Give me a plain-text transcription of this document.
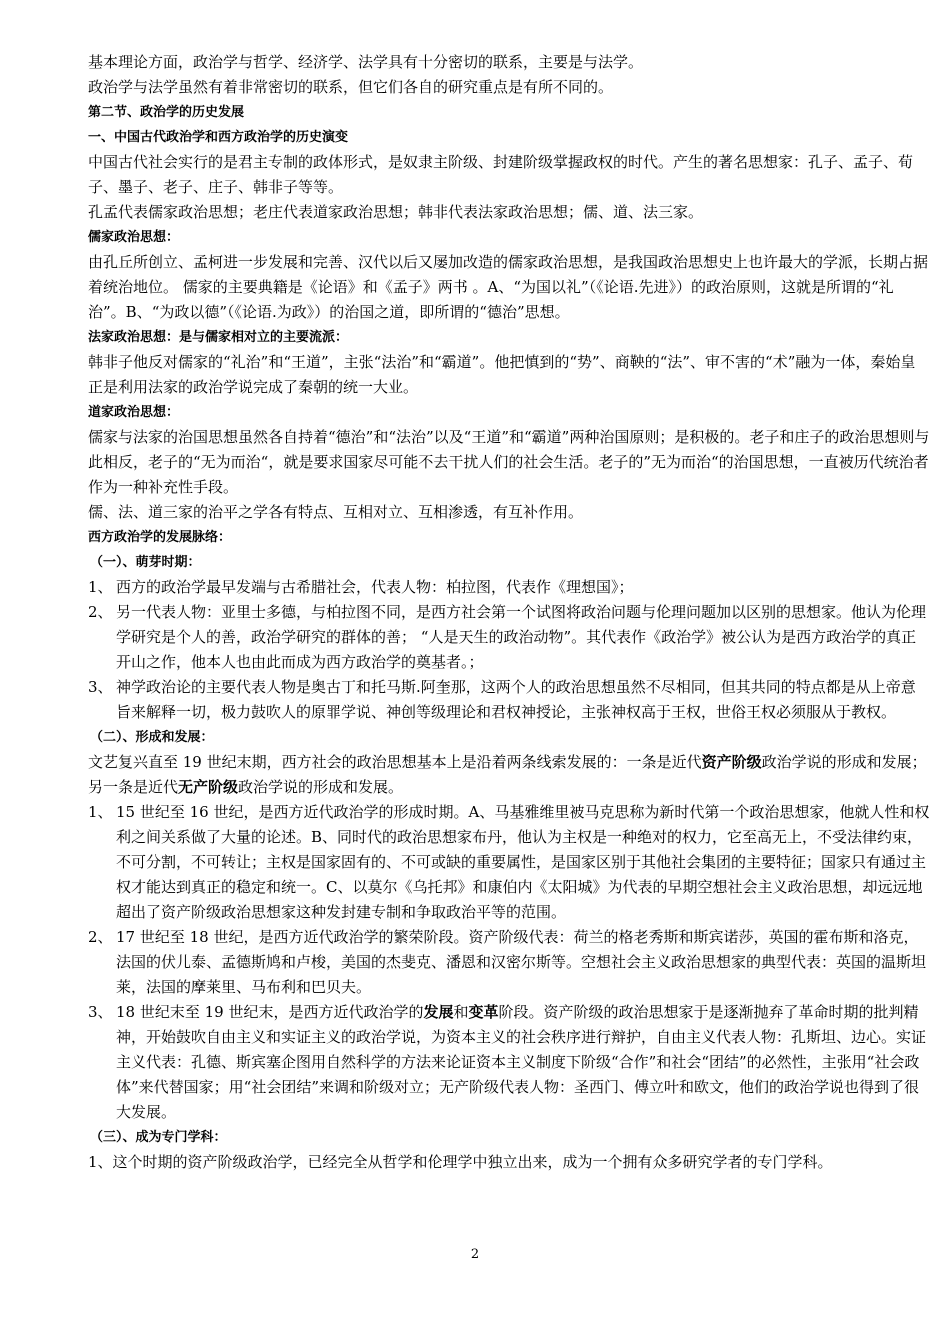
基本理论方面，政治学与哲学、经济学、法学具有十分密切的联系，主要是与法学。

政治学与法学虽然有着非常密切的联系，但它们各自的研究重点是有所不同的。

第二节、政治学的历史发展

一、中国古代政治学和西方政治学的历史演变

中国古代社会实行的是君主专制的政体形式，是奴隶主阶级、封建阶级掌握政权的时代。产生的著名思想家：孔子、孟子、荀子、墨子、老子、庄子、韩非子等等。

孔孟代表儒家政治思想；老庄代表道家政治思想；韩非代表法家政治思想；儒、道、法三家。

儒家政治思想：

由孔丘所创立、孟柯进一步发展和完善、汉代以后又屡加改造的儒家政治思想，是我国政治思想史上也许最大的学派，长期占据着统治地位。 儒家的主要典籍是《论语》和《孟子》两书 。A、“为国以礼”（《论语.先进》）的政治原则，这就是所谓的“礼治”。B、“为政以德”（《论语.为政》）的治国之道，即所谓的“德治”思想。

法家政治思想：是与儒家相对立的主要流派：

韩非子他反对儒家的“礼治”和“王道”，主张“法治”和“霸道”。他把慎到的“势”、商鞅的“法”、审不害的“术”融为一体，秦始皇正是利用法家的政治学说完成了秦朝的统一大业。

道家政治思想：

儒家与法家的治国思想虽然各自持着“德治”和“法治”以及“王道”和“霸道”两种治国原则；是积极的。老子和庄子的政治思想则与此相反，老子的“无为而治“，就是要求国家尽可能不去干扰人们的社会生活。老子的”无为而治“的治国思想，一直被历代统治者作为一种补充性手段。

儒、法、道三家的治平之学各有特点、互相对立、互相渗透，有互补作用。

西方政治学的发展脉络：

（一）、萌芽时期：

1、 西方的政治学最早发端与古希腊社会，代表人物：柏拉图，代表作《理想国》；
2、 另一代表人物：亚里士多德，与柏拉图不同，是西方社会第一个试图将政治问题与伦理问题加以区别的思想家。他认为伦理学研究是个人的善，政治学研究的群体的善； “人是天生的政治动物”。其代表作《政治学》被公认为是西方政治学的真正开山之作，他本人也由此而成为西方政治学的奠基者。；
3、 神学政治论的主要代表人物是奥古丁和托马斯.阿奎那，这两个人的政治思想虽然不尽相同，但其共同的特点都是从上帝意旨来解释一切，极力鼓吹人的原罪学说、神创等级理论和君权神授论，主张神权高于王权，世俗王权必须服从于教权。

（二）、形成和发展：

文艺复兴直至 19 世纪末期，西方社会的政治思想基本上是沿着两条线索发展的：一条是近代资产阶级政治学说的形成和发展；另一条是近代无产阶级政治学说的形成和发展。

1、 15 世纪至 16 世纪，是西方近代政治学的形成时期。A、马基雅维里被马克思称为新时代第一个政治思想家，他就人性和权利之间关系做了大量的论述。B、同时代的政治思想家布丹，他认为主权是一种绝对的权力，它至高无上，不受法律约束，不可分割，不可转让；主权是国家固有的、不可或缺的重要属性，是国家区别于其他社会集团的主要特征；国家只有通过主权才能达到真正的稳定和统一。C、以莫尔《乌托邦》和康伯内《太阳城》为代表的早期空想社会主义政治思想，却远远地超出了资产阶级政治思想家这种发封建专制和争取政治平等的范围。
2、 17 世纪至 18 世纪，是西方近代政治学的繁荣阶段。资产阶级代表：荷兰的格老秀斯和斯宾诺莎，英国的霍布斯和洛克，法国的伏儿泰、孟德斯鸠和卢梭，美国的杰斐克、潘恩和汉密尔斯等。空想社会主义政治思想家的典型代表：英国的温斯坦莱，法国的摩莱里、马布利和巴贝夫。
3、 18 世纪末至 19 世纪末，是西方近代政治学的发展和变革阶段。资产阶级的政治思想家于是逐渐抛弃了革命时期的批判精神，开始鼓吹自由主义和实证主义的政治学说，为资本主义的社会秩序进行辩护，自由主义代表人物：孔斯坦、边心。实证主义代表：孔德、斯宾塞企图用自然科学的方法来论证资本主义制度下阶级“合作”和社会“团结”的必然性，主张用“社会政体”来代替国家；用“社会团结”来调和阶级对立；无产阶级代表人物：圣西门、傅立叶和欧文，他们的政治学说也得到了很大发展。

（三）、成为专门学科：

1、这个时期的资产阶级政治学，已经完全从哲学和伦理学中独立出来，成为一个拥有众多研究学者的专门学科。

2
